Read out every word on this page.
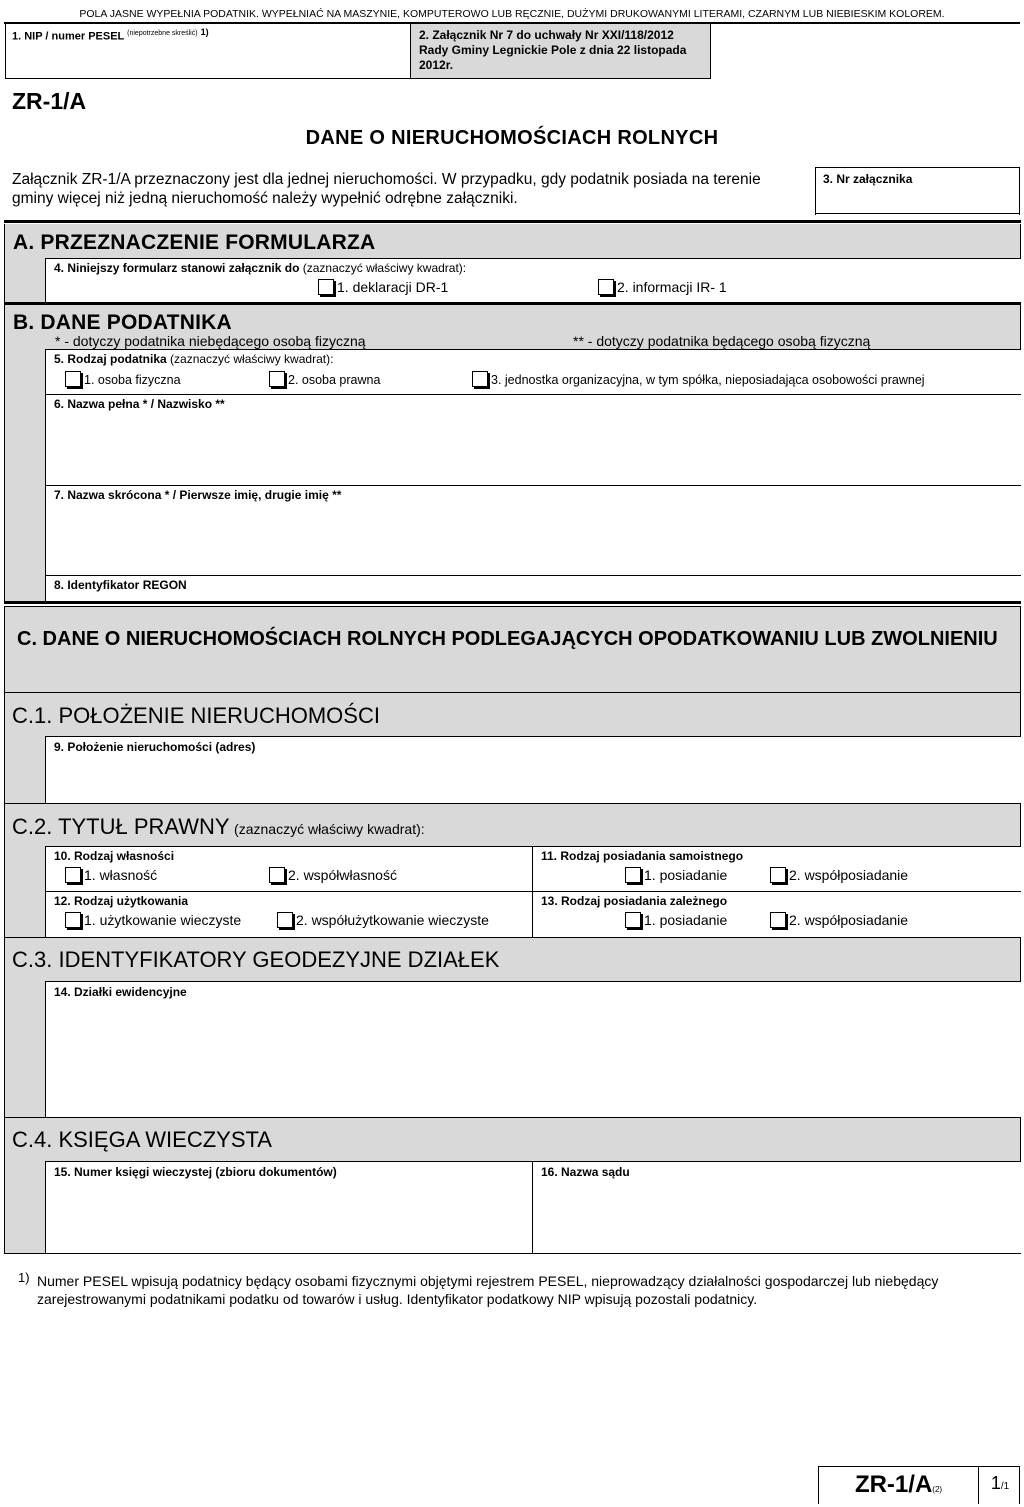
POLA JASNE WYPEŁNIA PODATNIK. WYPEŁNIAĆ NA MASZYNIE, KOMPUTEROWO LUB RĘCZNIE, DUŻYMI DRUKOWANYMI LITERAMI, CZARNYM LUB NIEBIESKIM KOLOREM.
1. NIP / numer PESEL $^{(niepotrzebne skreślić)}$ $^{1)}$	2. Załącznik Nr 7 do uchwały Nr XXI/118/2012 Rady Gminy Legnickie Pole z dnia 22 listopada 2012r.
ZR-1/A
DANE O NIERUCHOMOŚCIACH ROLNYCH
Załącznik ZR-1/A przeznaczony jest dla jednej nieruchomości. W przypadku, gdy podatnik posiada na terenie gminy więcej niż jedną nieruchomość należy wypełnić odrębne załączniki.
3. Nr załącznika
A. PRZEZNACZENIE FORMULARZA
4. Niniejszy formularz stanowi załącznik do (zaznaczyć właściwy kwadrat):
1. deklaracji DR-1	2. informacji IR- 1
B. DANE PODATNIKA
* - dotyczy podatnika niebędącego osobą fizyczną	** - dotyczy podatnika będącego osobą fizyczną
5. Rodzaj podatnika (zaznaczyć właściwy kwadrat):
1. osoba fizyczna	2. osoba prawna	3. jednostka organizacyjna, w tym spółka, nieposiadająca osobowości prawnej
6. Nazwa pełna * / Nazwisko **
7. Nazwa skrócona * / Pierwsze imię, drugie imię **
8. Identyfikator REGON
C. DANE O NIERUCHOMOŚCIACH ROLNYCH PODLEGAJĄCYCH OPODATKOWANIU LUB ZWOLNIENIU
C.1. POŁOŻENIE NIERUCHOMOŚCI
9. Położenie nieruchomości (adres)
C.2. TYTUŁ PRAWNY (zaznaczyć właściwy kwadrat):
10. Rodzaj własności
1. własność	2. współwłasność
11. Rodzaj posiadania samoistnego
1. posiadanie	2. współposiadanie
12. Rodzaj użytkowania
1. użytkowanie wieczyste	2. współużytkowanie wieczyste
13. Rodzaj posiadania zależnego
1. posiadanie	2. współposiadanie
C.3. IDENTYFIKATORY GEODEZYJNE DZIAŁEK
14. Działki ewidencyjne
C.4. KSIĘGA WIECZYSTA
15. Numer księgi wieczystej (zbioru dokumentów)	16. Nazwa sądu
1) Numer PESEL wpisują podatnicy będący osobami fizycznymi objętymi rejestrem PESEL, nieprowadzący działalności gospodarczej lub niebędący zarejestrowanymi podatnikami podatku od towarów i usług. Identyfikator podatkowy NIP wpisują pozostali podatnicy.
ZR-1/A(2)	1/1
